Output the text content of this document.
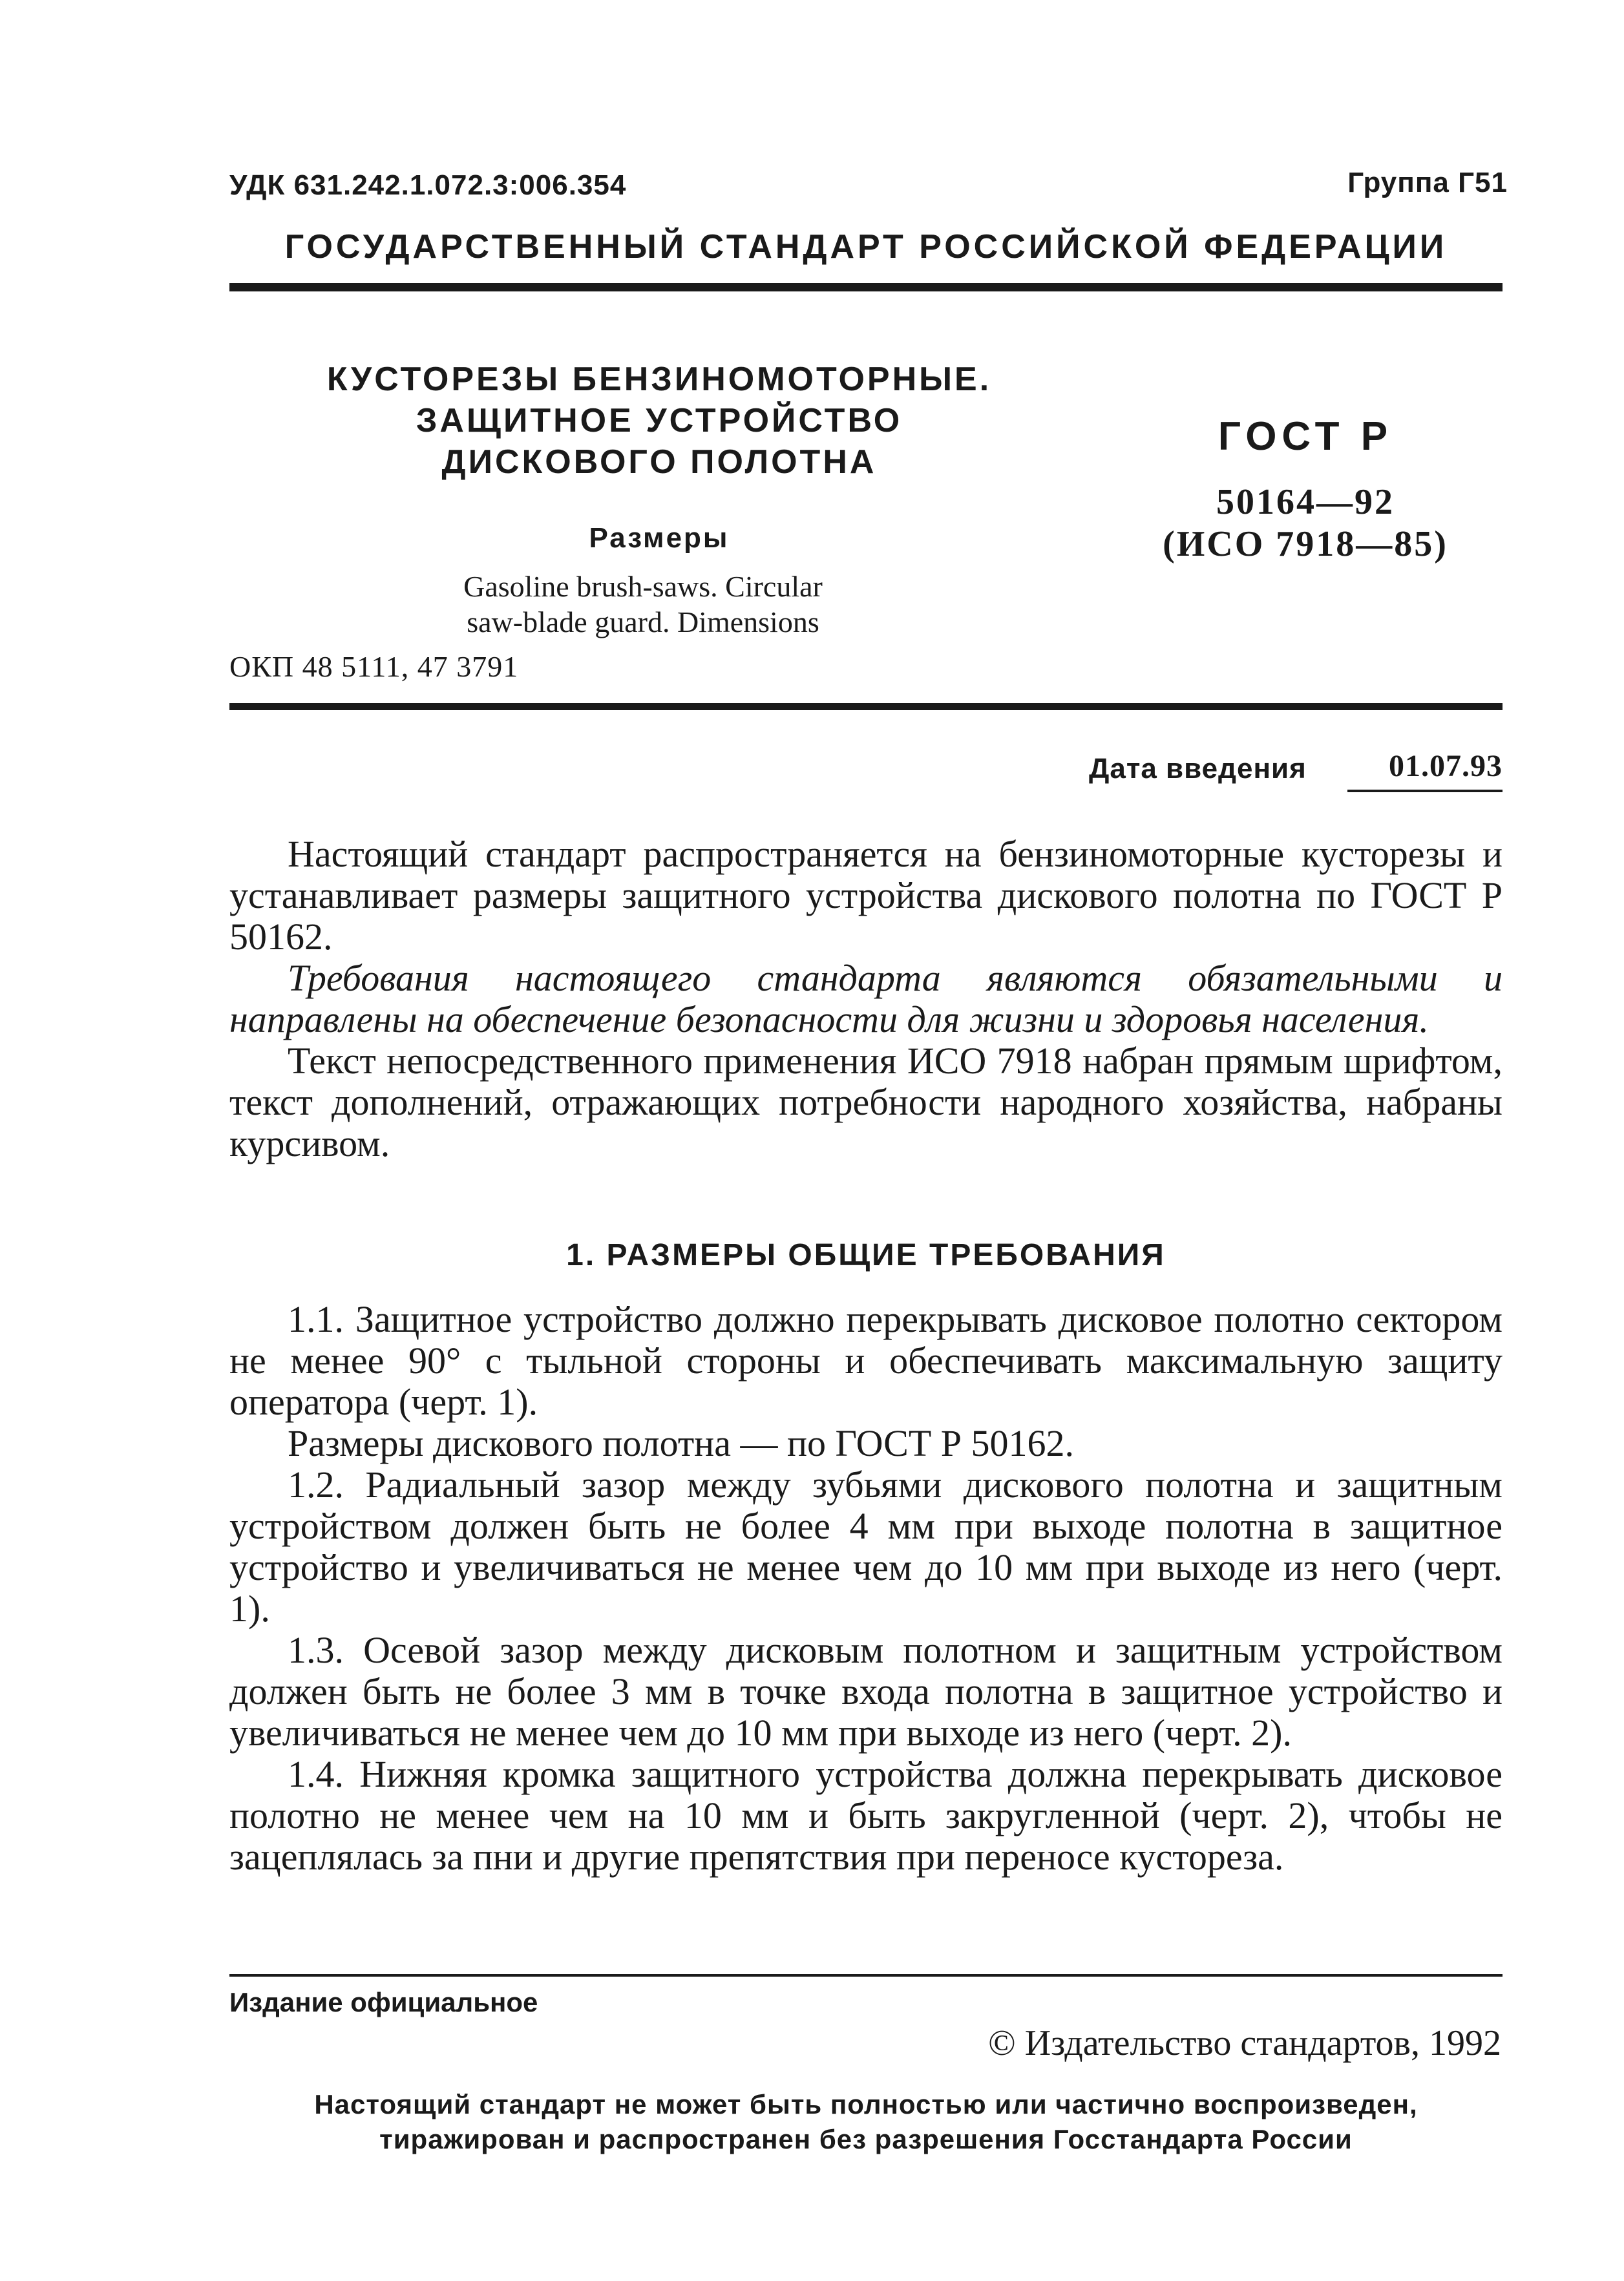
УДК 631.242.1.072.3:006.354	Группа Г51
ГОСУДАРСТВЕННЫЙ СТАНДАРТ РОССИЙСКОЙ ФЕДЕРАЦИИ
КУСТОРЕЗЫ БЕНЗИНОМОТОРНЫЕ.
ЗАЩИТНОЕ УСТРОЙСТВО
ДИСКОВОГО ПОЛОТНА
Размеры
Gasoline brush-saws. Circular
saw-blade guard. Dimensions
ОКП 48 5111, 47 3791
ГОСТ Р
50164—92
(ИСО 7918—85)
Дата введения	01.07.93

Настоящий стандарт распространяется на бензиномоторные кусторезы и устанавливает размеры защитного устройства дискового полотна по ГОСТ Р 50162.

Требования настоящего стандарта являются обязательными и направлены на обеспечение безопасности для жизни и здоровья населения.

Текст непосредственного применения ИСО 7918 набран прямым шрифтом, текст дополнений, отражающих потребности народного хозяйства, набраны курсивом.

1. РАЗМЕРЫ ОБЩИЕ ТРЕБОВАНИЯ

1.1. Защитное устройство должно перекрывать дисковое полотно сектором не менее 90° с тыльной стороны и обеспечивать максимальную защиту оператора (черт. 1).

Размеры дискового полотна — по ГОСТ Р 50162.

1.2. Радиальный зазор между зубьями дискового полотна и защитным устройством должен быть не более 4 мм при выходе полотна в защитное устройство и увеличиваться не менее чем до 10 мм при выходе из него (черт. 1).

1.3. Осевой зазор между дисковым полотном и защитным устройством должен быть не более 3 мм в точке входа полотна в защитное устройство и увеличиваться не менее чем до 10 мм при выходе из него (черт. 2).

1.4. Нижняя кромка защитного устройства должна перекрывать дисковое полотно не менее чем на 10 мм и быть закругленной (черт. 2), чтобы не зацеплялась за пни и другие препятствия при переносе кустореза.

Издание официальное
© Издательство стандартов, 1992
Настоящий стандарт не может быть полностью или частично воспроизведен,
тиражирован и распространен без разрешения Госстандарта России
